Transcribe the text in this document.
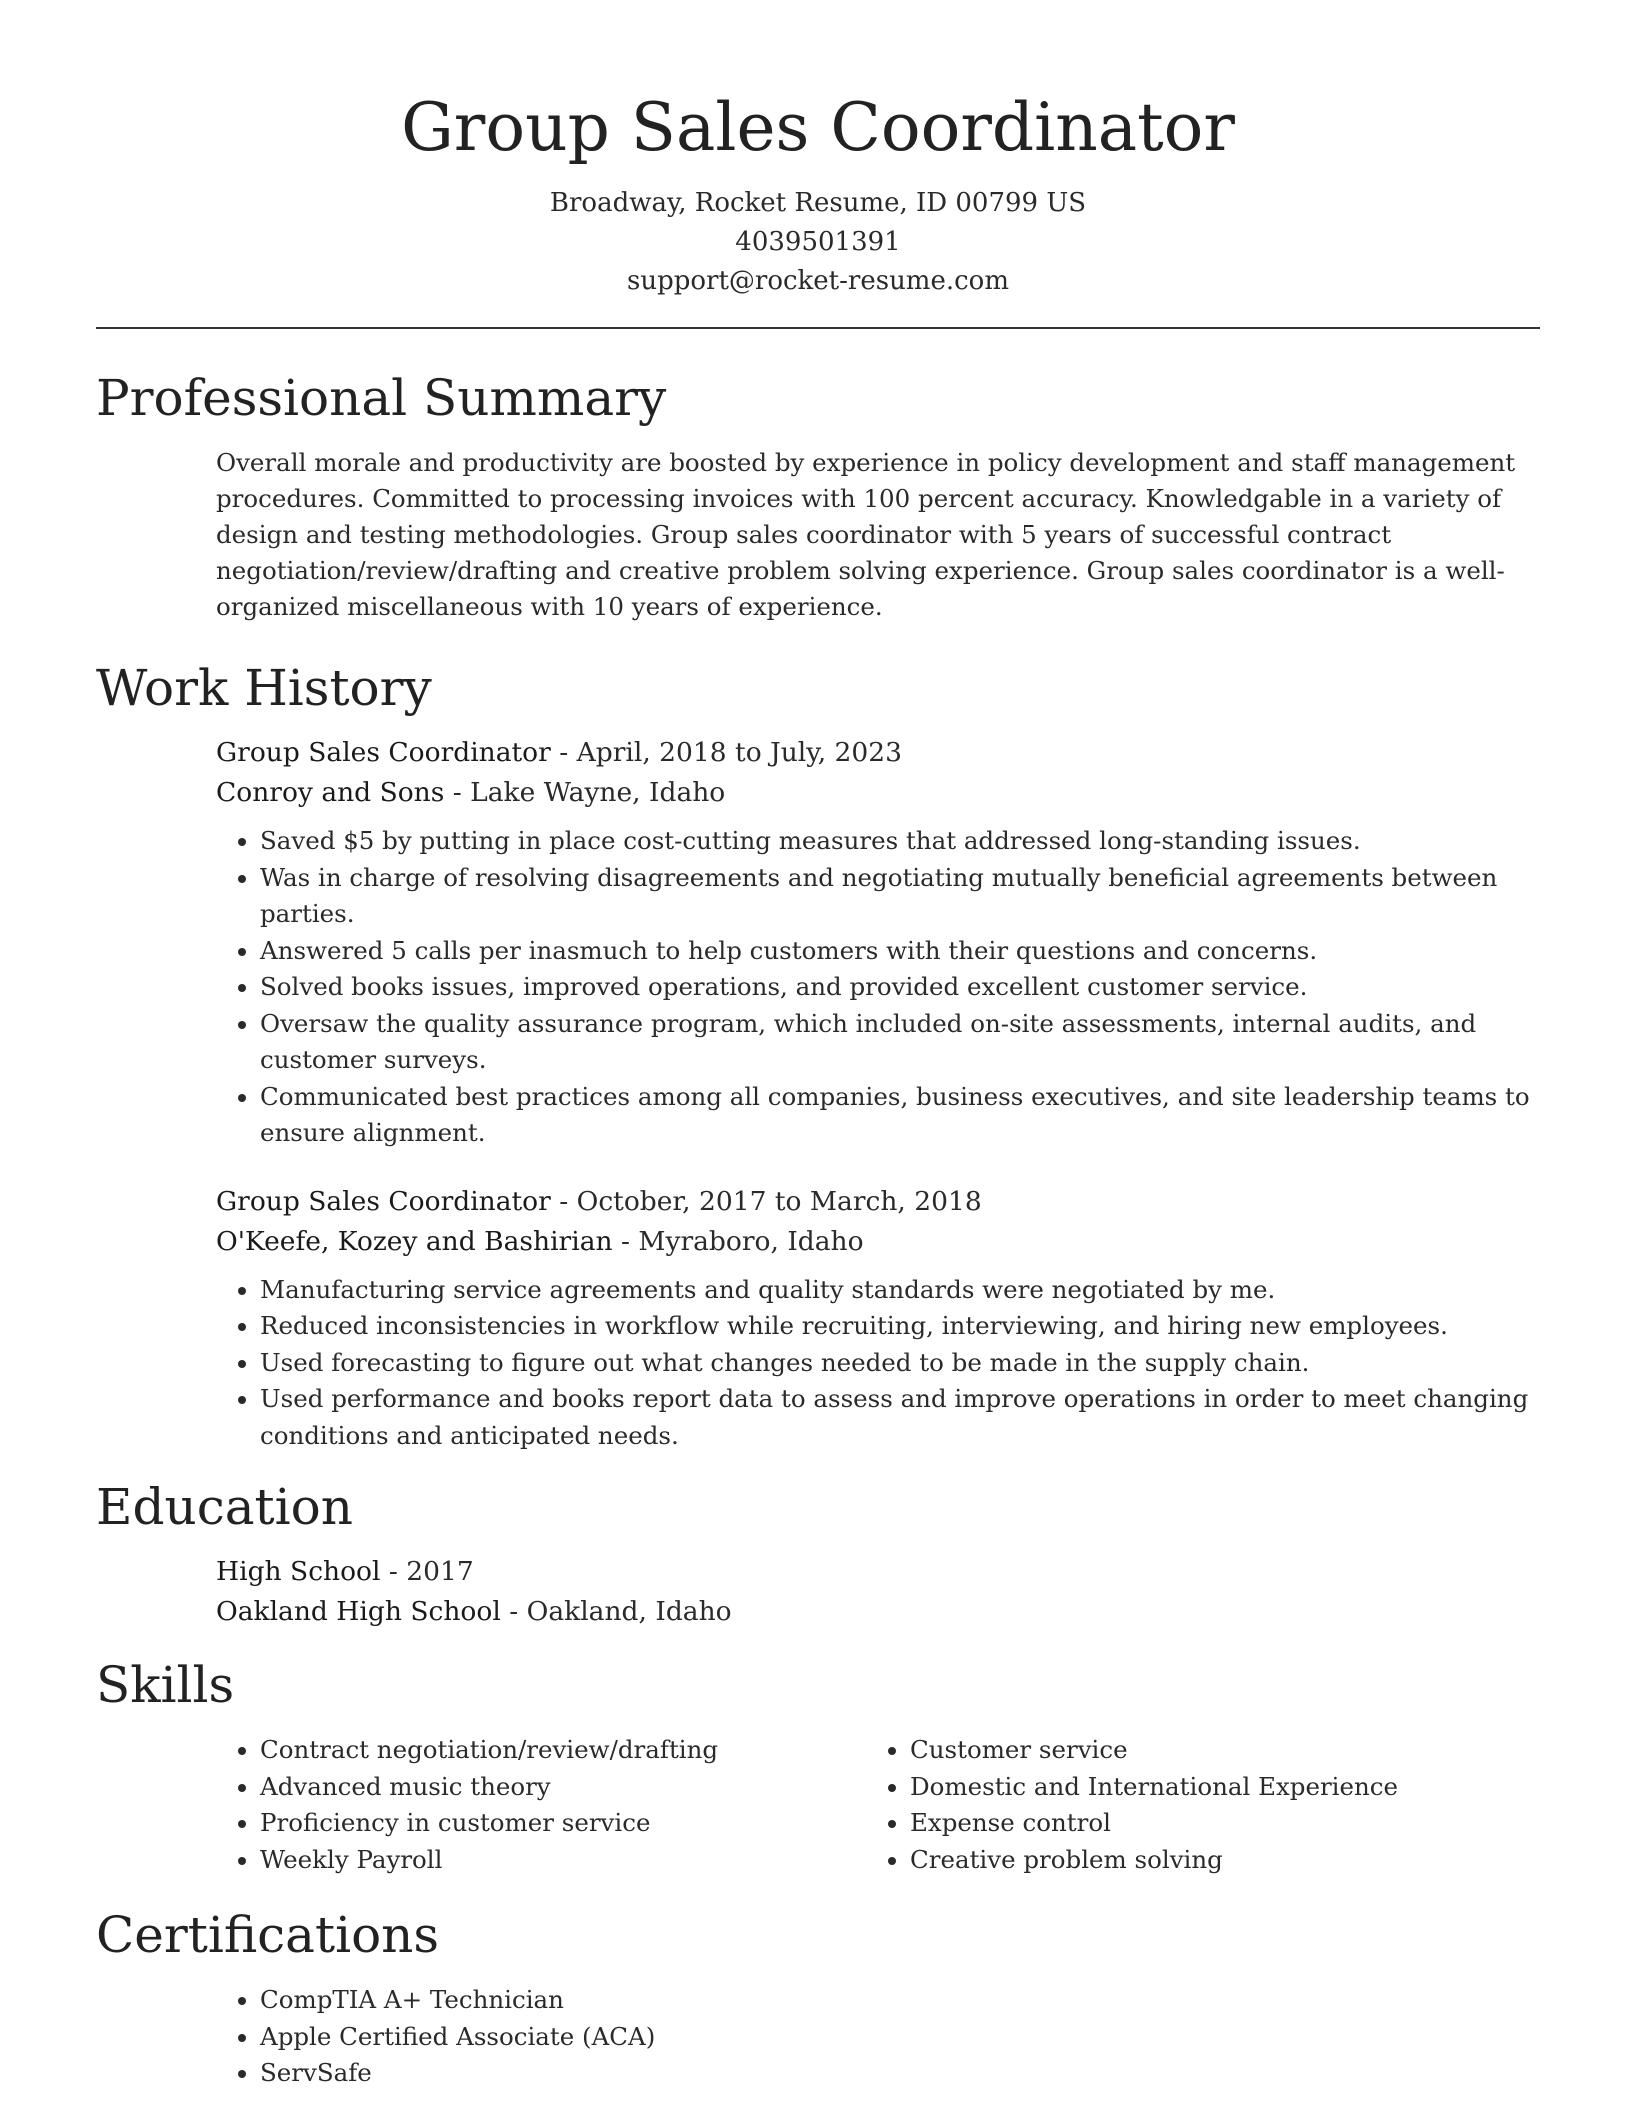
Group Sales Coordinator
Broadway, Rocket Resume, ID 00799 US
4039501391
support@rocket-resume.com
Professional Summary

Overall morale and productivity are boosted by experience in policy development and staff management procedures. Committed to processing invoices with 100 percent accuracy. Knowledgable in a variety of design and testing methodologies. Group sales coordinator with 5 years of successful contract negotiation/review/drafting and creative problem solving experience. Group sales coordinator is a well-organized miscellaneous with 10 years of experience.

Work History
Group Sales Coordinator - April, 2018 to July, 2023
Conroy and Sons - Lake Wayne, Idaho
• Saved $5 by putting in place cost-cutting measures that addressed long-standing issues.
• Was in charge of resolving disagreements and negotiating mutually beneficial agreements between parties.
• Answered 5 calls per inasmuch to help customers with their questions and concerns.
• Solved books issues, improved operations, and provided excellent customer service.
• Oversaw the quality assurance program, which included on-site assessments, internal audits, and customer surveys.
• Communicated best practices among all companies, business executives, and site leadership teams to ensure alignment.
Group Sales Coordinator - October, 2017 to March, 2018
O'Keefe, Kozey and Bashirian - Myraboro, Idaho
• Manufacturing service agreements and quality standards were negotiated by me.
• Reduced inconsistencies in workflow while recruiting, interviewing, and hiring new employees.
• Used forecasting to figure out what changes needed to be made in the supply chain.
• Used performance and books report data to assess and improve operations in order to meet changing conditions and anticipated needs.
Education
High School - 2017
Oakland High School - Oakland, Idaho
Skills
• Contract negotiation/review/drafting
• Advanced music theory
• Proficiency in customer service
• Weekly Payroll
• Customer service
• Domestic and International Experience
• Expense control
• Creative problem solving
Certifications
• CompTIA A+ Technician
• Apple Certified Associate (ACA)
• ServSafe
